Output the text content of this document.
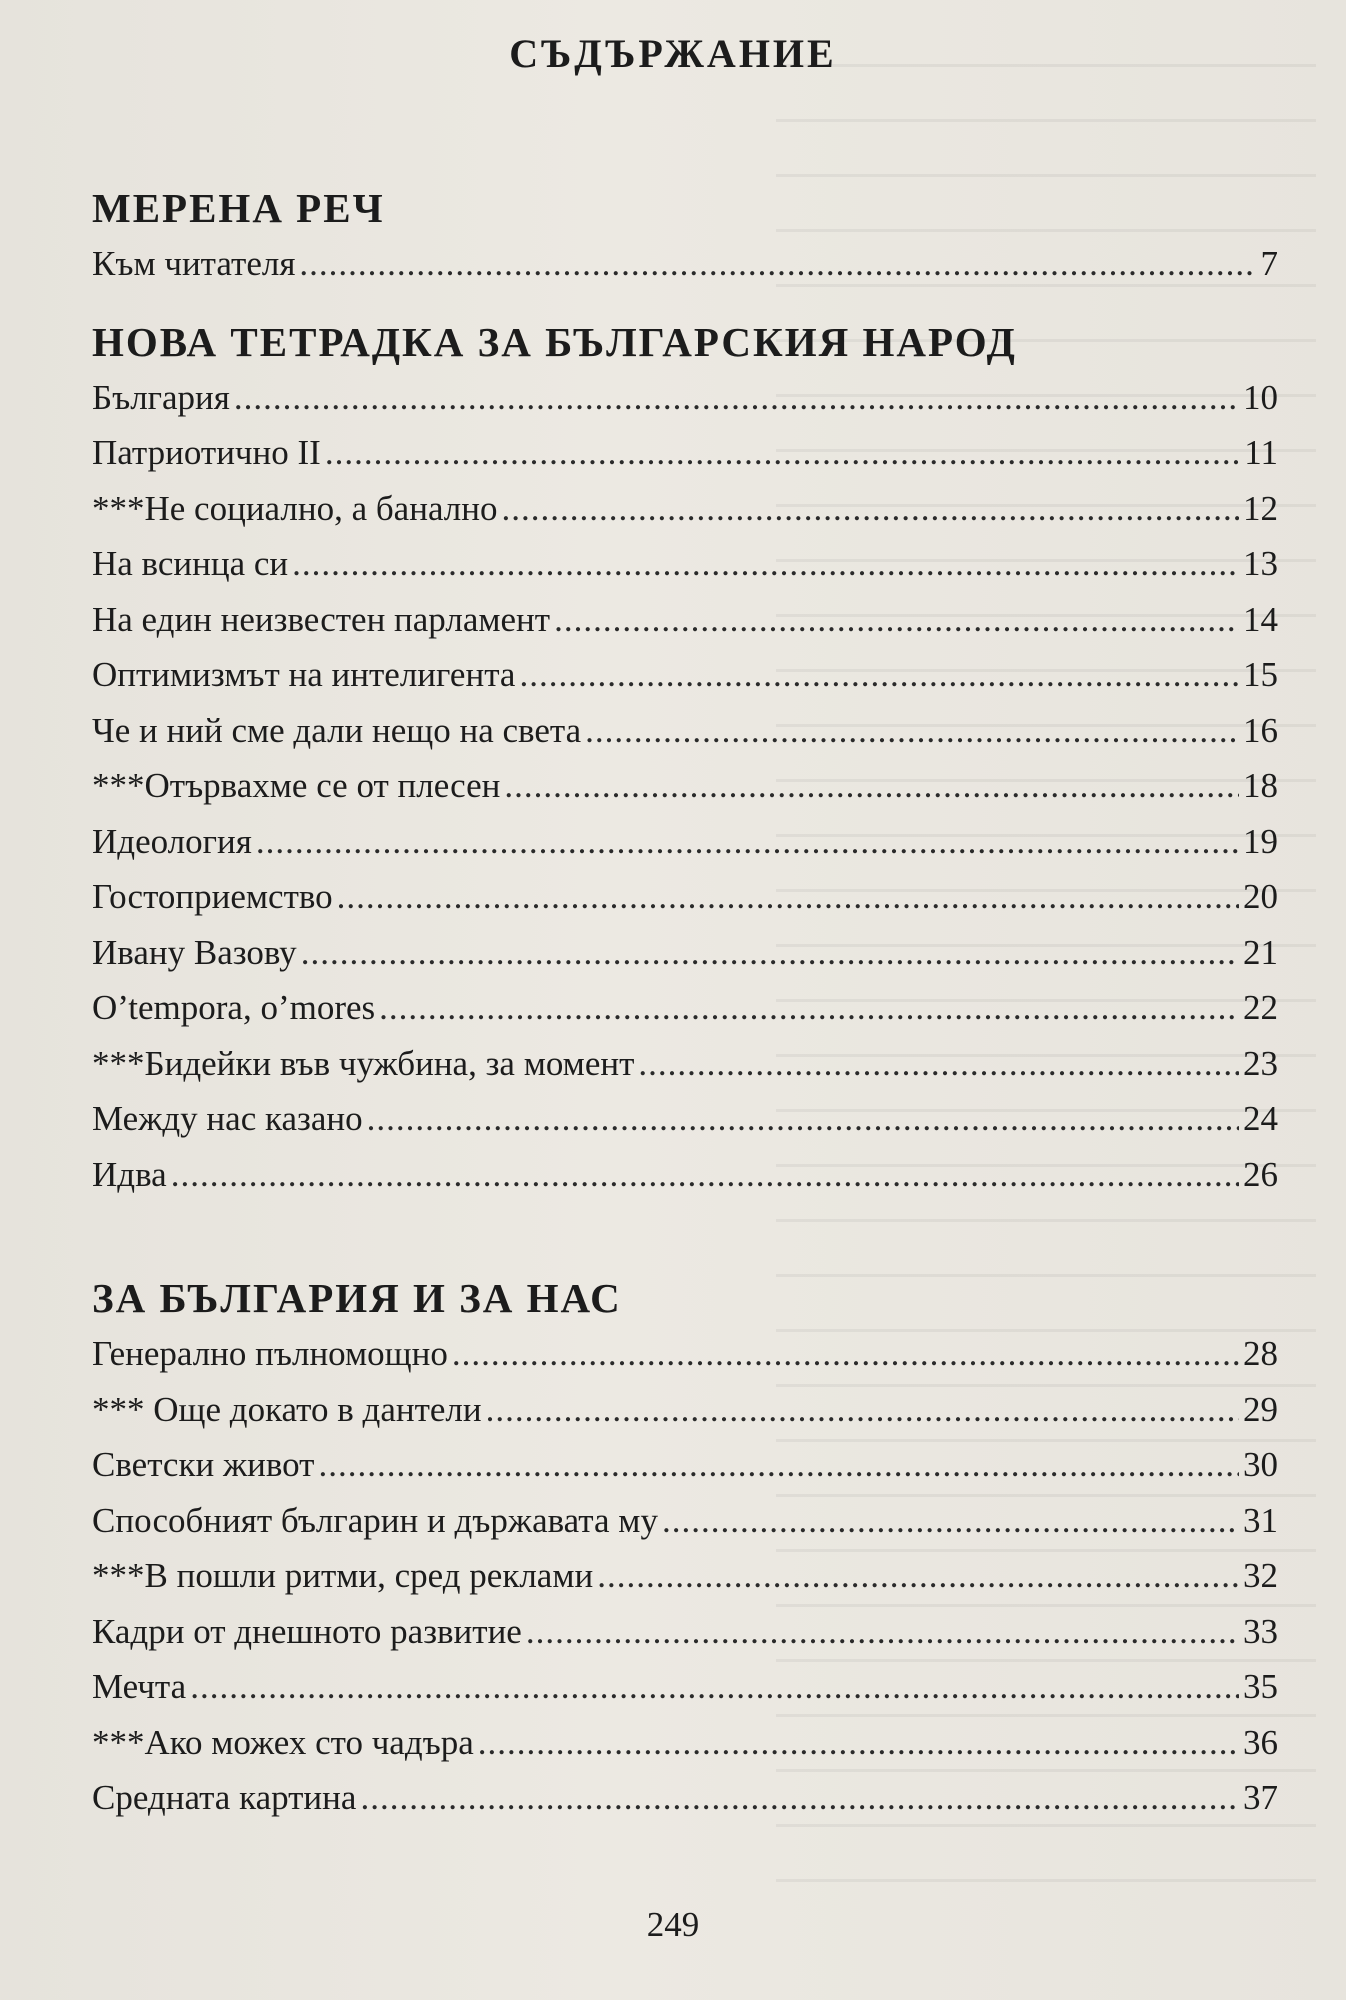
СЪДЪРЖАНИЕ
МЕРЕНА РЕЧ
Към читателя .....	7
НОВА ТЕТРАДКА ЗА БЪЛГАРСКИЯ НАРОД
България .....	10
Патриотично II .....	11
***Не социално, а банално .....	12
На всинца си .....	13
На един неизвестен парламент .....	14
Оптимизмът на интелигента .....	15
Че и ний сме дали нещо на света .....	16
***Отървахме се от плесен .....	18
Идеология .....	19
Гостоприемство .....	20
Ивану Вазову .....	21
O’tempora, o’mores .....	22
***Бидейки във чужбина, за момент .....	23
Между нас казано .....	24
Идва .....	26
ЗА БЪЛГАРИЯ И ЗА НАС
Генерално пълномощно .....	28
*** Още докато в дантели .....	29
Светски живот .....	30
Способният българин и държавата му .....	31
***В пошли ритми, сред реклами .....	32
Кадри от днешното развитие .....	33
Мечта .....	35
***Ако можех сто чадъра .....	36
Средната картина .....	37
249
